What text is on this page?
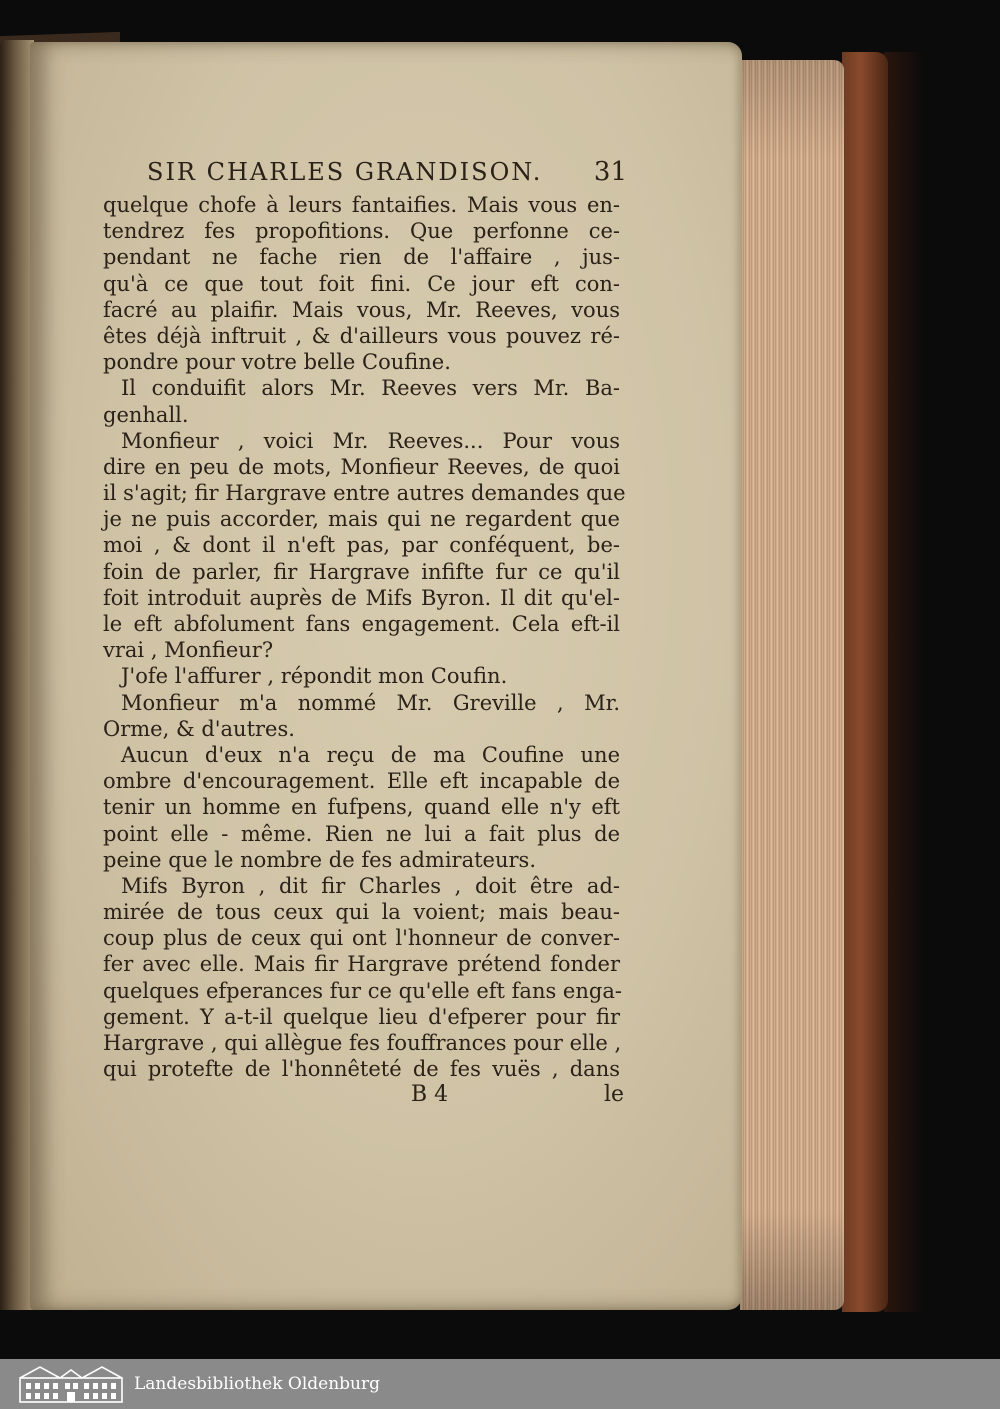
SIR CHARLES GRANDISON. 31
quelque chofe à leurs fantaifies. Mais vous en-
tendrez fes propofitions. Que perfonne ce-
pendant ne fache rien de l'affaire , jus-
qu'à ce que tout foit fini. Ce jour eft con-
facré au plaifir. Mais vous, Mr. Reeves, vous
êtes déjà inftruit , & d'ailleurs vous pouvez ré-
pondre pour votre belle Coufine.
Il conduifit alors Mr. Reeves vers Mr. Ba-
genhall.
Monfieur , voici Mr. Reeves... Pour vous
dire en peu de mots, Monfieur Reeves, de quoi
il s'agit; fir Hargrave entre autres demandes que
je ne puis accorder, mais qui ne regardent que
moi , & dont il n'eft pas, par conféquent, be-
foin de parler, fir Hargrave infifte fur ce qu'il
foit introduit auprès de Mifs Byron. Il dit qu'el-
le eft abfolument fans engagement. Cela eft-il
vrai , Monfieur?
J'ofe l'affurer , répondit mon Coufin.
Monfieur m'a nommé Mr. Greville , Mr.
Orme, & d'autres.
Aucun d'eux n'a reçu de ma Coufine une
ombre d'encouragement. Elle eft incapable de
tenir un homme en fufpens, quand elle n'y eft
point elle - même. Rien ne lui a fait plus de
peine que le nombre de fes admirateurs.
Mifs Byron , dit fir Charles , doit être ad-
mirée de tous ceux qui la voient; mais beau-
coup plus de ceux qui ont l'honneur de conver-
fer avec elle. Mais fir Hargrave prétend fonder
quelques efperances fur ce qu'elle eft fans enga-
gement. Y a-t-il quelque lieu d'efperer pour fir
Hargrave , qui allègue fes fouffrances pour elle ,
qui protefte de l'honnêteté de fes vuës , dans
B 4	le
Landesbibliothek Oldenburg
